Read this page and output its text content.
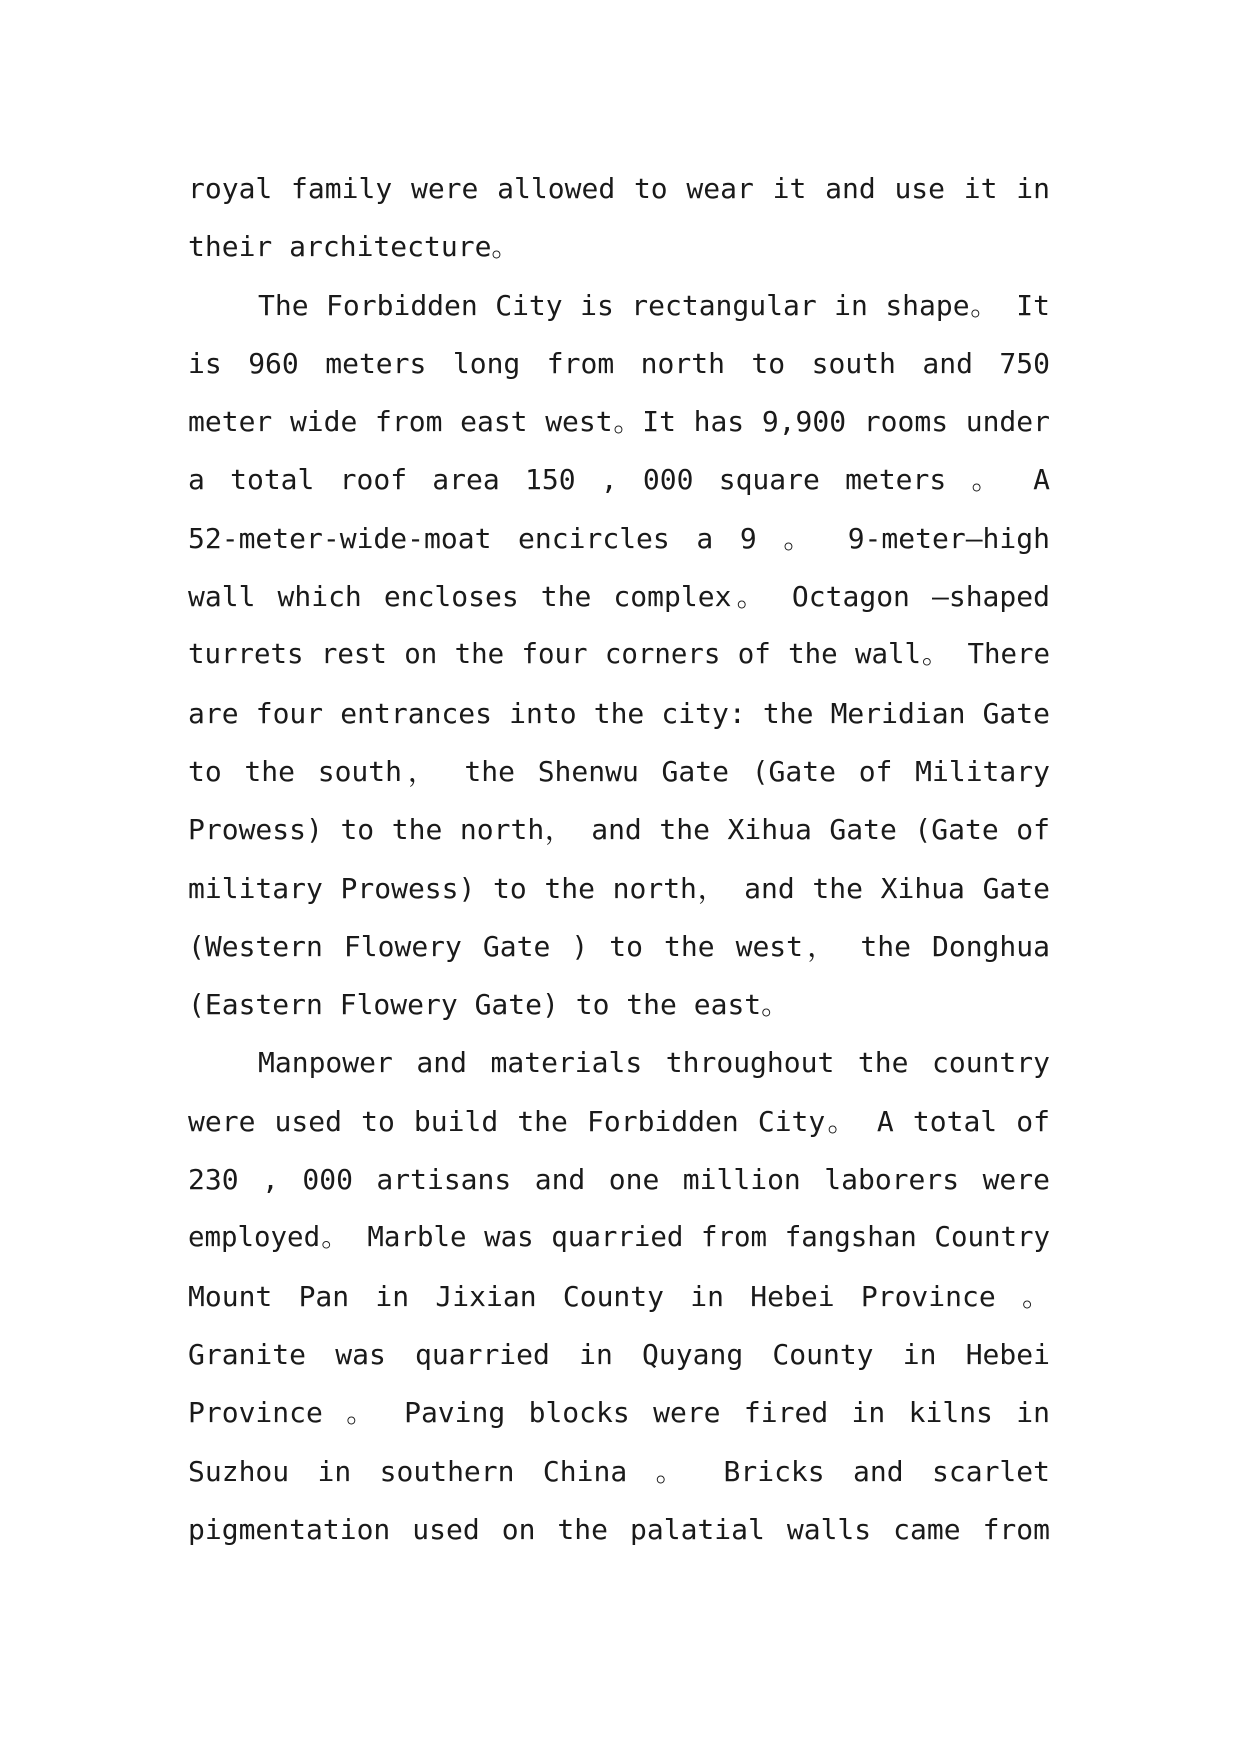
royal family were allowed to wear it and use it in
their architecture。
The Forbidden City is rectangular in shape。 It
is 960 meters long from north to south and 750
meter wide from east west。It has 9,900 rooms under
a total roof area 150 , 000 square meters 。 A
52-meter-wide-moat encircles a 9 。 9-meter—high
wall which encloses the complex。 Octagon —shaped
turrets rest on the four corners of the wall。 There
are four entrances into the city: the Meridian Gate
to the south， the Shenwu Gate (Gate of Military
Prowess) to the north， and the Xihua Gate (Gate of
military Prowess) to the north， and the Xihua Gate
(Western Flowery Gate ) to the west， the Donghua
(Eastern Flowery Gate) to the east。
Manpower and materials throughout the country
were used to build the Forbidden City。 A total of
230 , 000 artisans and one million laborers were
employed。 Marble was quarried from fangshan Country
Mount Pan in Jixian County in Hebei Province 。
Granite was quarried in Quyang County in Hebei
Province 。 Paving blocks were fired in kilns in
Suzhou in southern China 。 Bricks and scarlet
pigmentation used on the palatial walls came from
